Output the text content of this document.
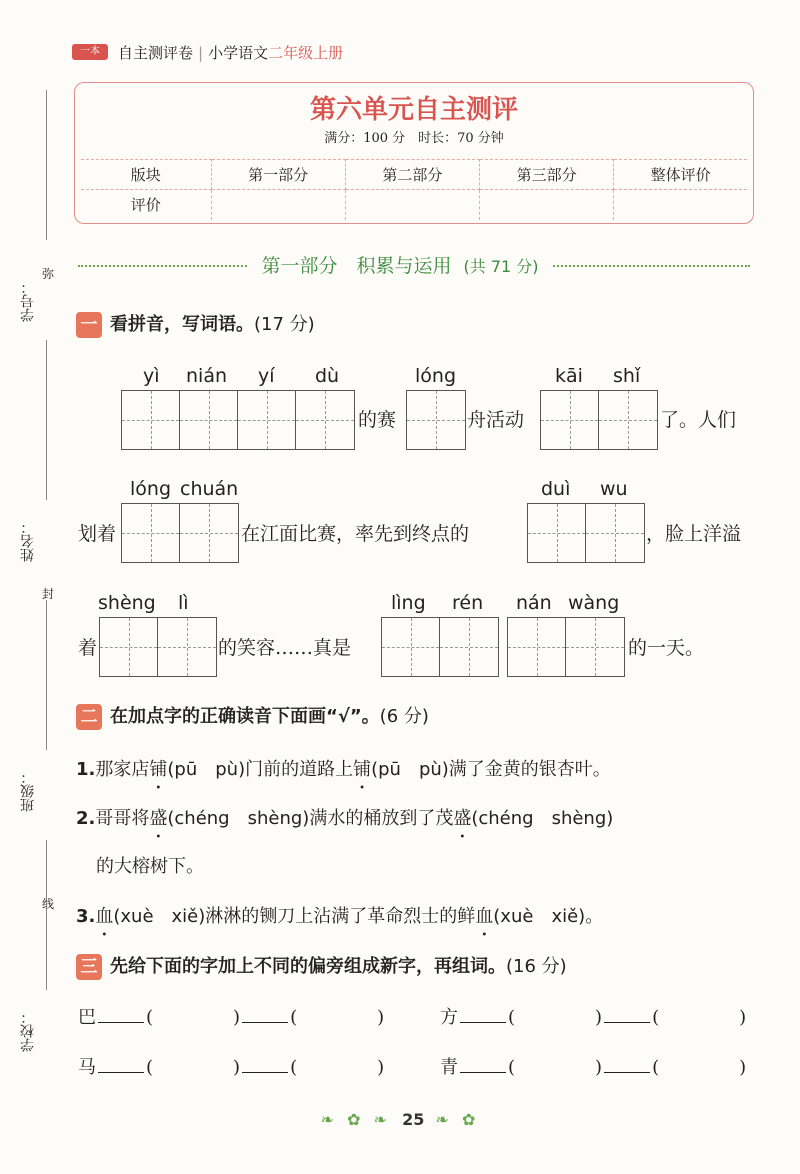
一本	自主测评卷 | 小学语文二年级上册
学号：
姓名：
班级：
学校：
弥
封
线
第六单元自主测评
满分：100 分　时长：70 分钟
版块	第一部分	第二部分	第三部分	整体评价
评价				
第一部分　积累与运用 (共 71 分)
一 看拼音，写词语。(17 分)
yì nián yí dù
的赛
lóng
舟活动
kāi shǐ
了。人们
lóng chuán
划着	在江面比赛，率先到终点的
duì wu
，脸上洋溢
shèng lì
着	的笑容……真是
lìng rén nán wàng
的一天。
二 在加点字的正确读音下面画“√”。(6 分)
1.那家店铺(pū　pù)门前的道路上铺(pū　pù)满了金黄的银杏叶。
2.哥哥将盛(chéng　shèng)满水的桶放到了茂盛(chéng　shèng)
的大榕树下。
3.血(xuè　xiě)淋淋的铡刀上沾满了革命烈士的鲜血(xuè　xiě)。
三 先给下面的字加上不同的偏旁组成新字，再组词。(16 分)
巴	(	)	(	)	方	(	)	(	)
马	(	)	(	)	青	(	)	(	)
❧ ✿ ❧ 25 ❧ ✿
